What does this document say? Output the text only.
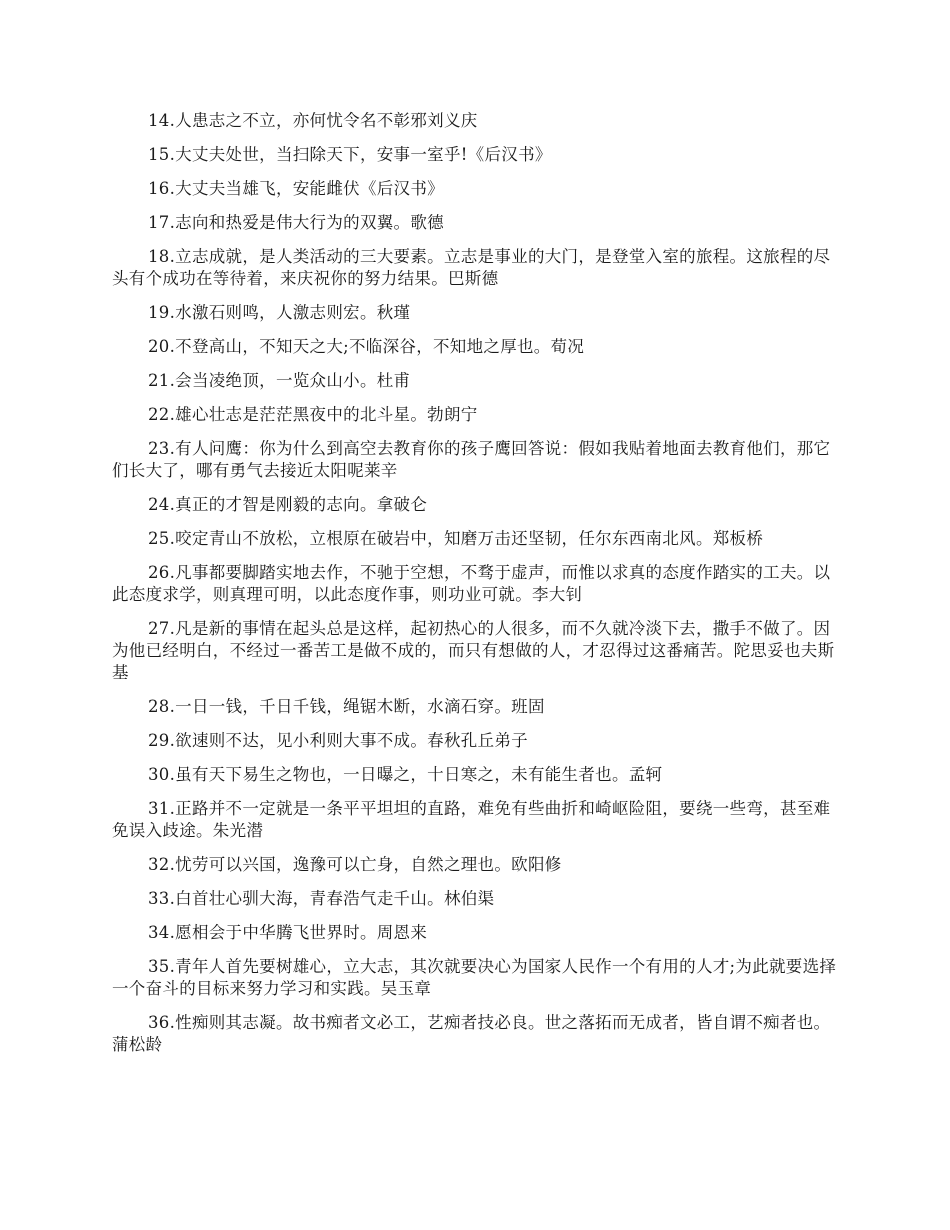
14.人患志之不立，亦何忧令名不彰邪刘义庆

15.大丈夫处世，当扫除天下，安事一室乎!《后汉书》

16.大丈夫当雄飞，安能雌伏《后汉书》

17.志向和热爱是伟大行为的双翼。歌德

18.立志成就，是人类活动的三大要素。立志是事业的大门，是登堂入室的旅程。这旅程的尽头有个成功在等待着，来庆祝你的努力结果。巴斯德

19.水激石则鸣，人激志则宏。秋瑾

20.不登高山，不知天之大;不临深谷，不知地之厚也。荀况

21.会当凌绝顶，一览众山小。杜甫

22.雄心壮志是茫茫黑夜中的北斗星。勃朗宁

23.有人问鹰：你为什么到高空去教育你的孩子鹰回答说：假如我贴着地面去教育他们，那它们长大了，哪有勇气去接近太阳呢莱辛

24.真正的才智是刚毅的志向。拿破仑

25.咬定青山不放松，立根原在破岩中，知磨万击还坚韧，任尔东西南北风。郑板桥

26.凡事都要脚踏实地去作，不驰于空想，不骛于虚声，而惟以求真的态度作踏实的工夫。以此态度求学，则真理可明，以此态度作事，则功业可就。李大钊

27.凡是新的事情在起头总是这样，起初热心的人很多，而不久就冷淡下去，撒手不做了。因为他已经明白，不经过一番苦工是做不成的，而只有想做的人，才忍得过这番痛苦。陀思妥也夫斯基

28.一日一钱，千日千钱，绳锯木断，水滴石穿。班固

29.欲速则不达，见小利则大事不成。春秋孔丘弟子

30.虽有天下易生之物也，一日曝之，十日寒之，未有能生者也。孟轲

31.正路并不一定就是一条平平坦坦的直路，难免有些曲折和崎岖险阻，要绕一些弯，甚至难免误入歧途。朱光潜

32.忧劳可以兴国，逸豫可以亡身，自然之理也。欧阳修

33.白首壮心驯大海，青春浩气走千山。林伯渠

34.愿相会于中华腾飞世界时。周恩来

35.青年人首先要树雄心，立大志，其次就要决心为国家人民作一个有用的人才;为此就要选择一个奋斗的目标来努力学习和实践。吴玉章

36.性痴则其志凝。故书痴者文必工，艺痴者技必良。世之落拓而无成者，皆自谓不痴者也。蒲松龄
